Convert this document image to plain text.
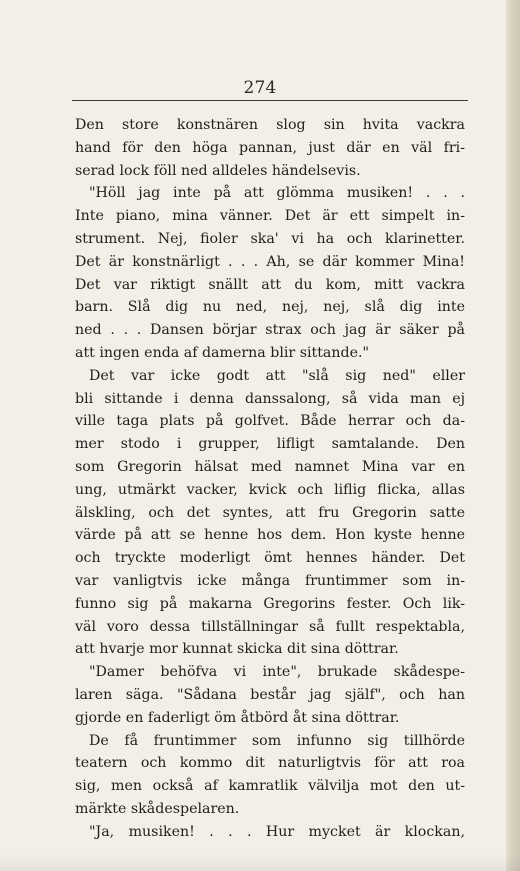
274
Den store konstnären slog sin hvita vackra
hand för den höga pannan, just där en väl fri-
serad lock föll ned alldeles händelsevis.
"Höll jag inte på att glömma musiken! . . .
Inte piano, mina vänner. Det är ett simpelt in-
strument. Nej, fioler ska' vi ha och klarinetter.
Det är konstnärligt . . . Ah, se där kommer Mina!
Det var riktigt snällt att du kom, mitt vackra
barn. Slå dig nu ned, nej, nej, slå dig inte
ned . . . Dansen börjar strax och jag är säker på
att ingen enda af damerna blir sittande."
Det var icke godt att "slå sig ned" eller
bli sittande i denna danssalong, så vida man ej
ville taga plats på golfvet. Både herrar och da-
mer stodo i grupper, lifligt samtalande. Den
som Gregorin hälsat med namnet Mina var en
ung, utmärkt vacker, kvick och liflig flicka, allas
älskling, och det syntes, att fru Gregorin satte
värde på att se henne hos dem. Hon kyste henne
och tryckte moderligt ömt hennes händer. Det
var vanligtvis icke många fruntimmer som in-
funno sig på makarna Gregorins fester. Och lik-
väl voro dessa tillställningar så fullt respektabla,
att hvarje mor kunnat skicka dit sina döttrar.
"Damer behöfva vi inte", brukade skådespe-
laren säga. "Sådana består jag själf", och han
gjorde en faderligt öm åtbörd åt sina döttrar.
De få fruntimmer som infunno sig tillhörde
teatern och kommo dit naturligtvis för att roa
sig, men också af kamratlik välvilja mot den ut-
märkte skådespelaren.
"Ja, musiken! . . . Hur mycket är klockan,
